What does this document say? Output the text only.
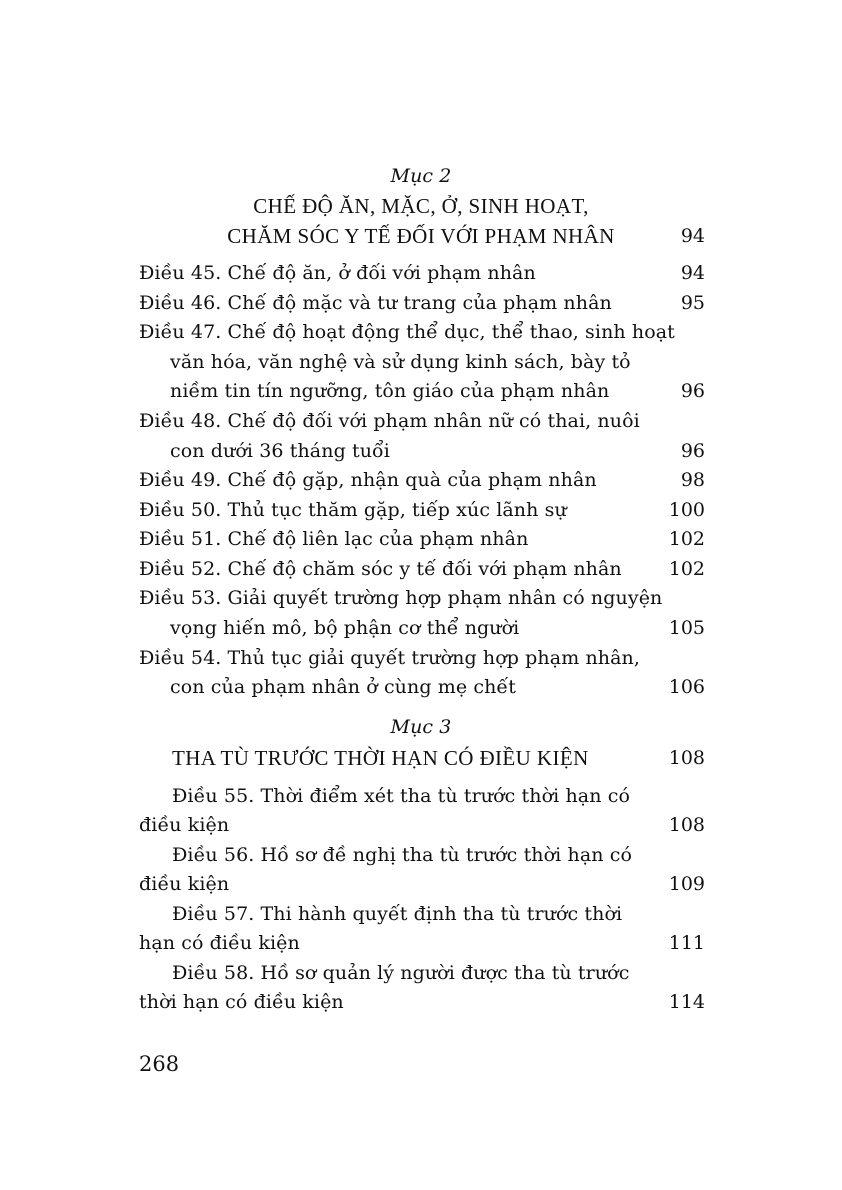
Mục 2
CHẾ ĐỘ ĂN, MẶC, Ở, SINH HOẠT,
CHĂM SÓC Y TẾ ĐỐI VỚI PHẠM NHÂN	94
Điều 45. Chế độ ăn, ở đối với phạm nhân	94
Điều 46. Chế độ mặc và tư trang của phạm nhân	95
Điều 47. Chế độ hoạt động thể dục, thể thao, sinh hoạt
văn hóa, văn nghệ và sử dụng kinh sách, bày tỏ
niềm tin tín ngưỡng, tôn giáo của phạm nhân	96
Điều 48. Chế độ đối với phạm nhân nữ có thai, nuôi
con dưới 36 tháng tuổi	96
Điều 49. Chế độ gặp, nhận quà của phạm nhân	98
Điều 50. Thủ tục thăm gặp, tiếp xúc lãnh sự	100
Điều 51. Chế độ liên lạc của phạm nhân	102
Điều 52. Chế độ chăm sóc y tế đối với phạm nhân 102
Điều 53. Giải quyết trường hợp phạm nhân có nguyện
vọng hiến mô, bộ phận cơ thể người	105
Điều 54. Thủ tục giải quyết trường hợp phạm nhân,
con của phạm nhân ở cùng mẹ chết	106
Mục 3
THA TÙ TRƯỚC THỜI HẠN CÓ ĐIỀU KIỆN	108
Điều 55. Thời điểm xét tha tù trước thời hạn có
điều kiện	108
Điều 56. Hồ sơ đề nghị tha tù trước thời hạn có
điều kiện	109
Điều 57. Thi hành quyết định tha tù trước thời
hạn có điều kiện	111
Điều 58. Hồ sơ quản lý người được tha tù trước
thời hạn có điều kiện	114
268
